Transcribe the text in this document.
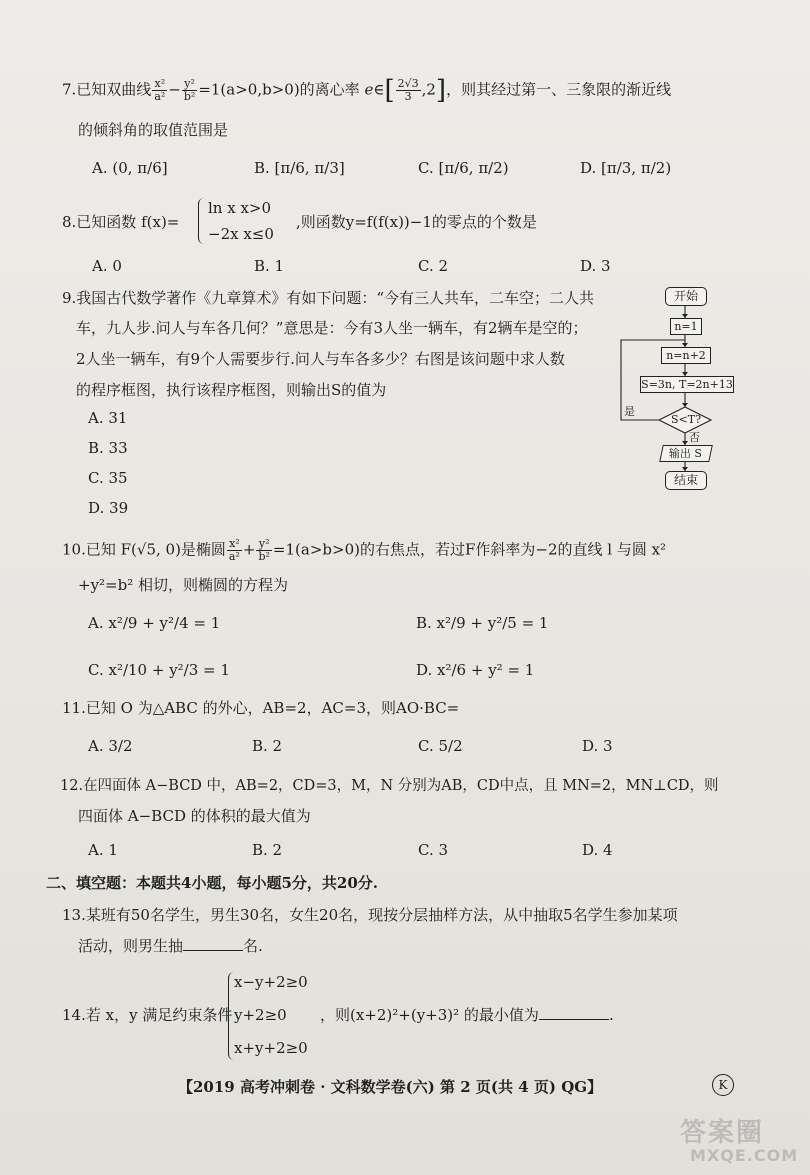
7.已知双曲线 $\frac{\text{x²}}{\text{a²}} - \frac{\text{y²}}{\text{b²}} =1(a>0,b>0)$的离心率 e∈[ $\frac{2√3}{3} ,2$]，则其经过第一、三象限的渐近线
的倾斜角的取值范围是
A. (0, π/6]	B. [π/6, π/3]	C. [π/6, π/2)	D. [π/3, π/2)
8.已知函数 f(x)=
ln x x>0
−2x x≤0
,则函数y=f(f(x))−1的零点的个数是
A. 0	B. 1	C. 2	D. 3
9.我国古代数学著作《九章算术》有如下问题：“今有三人共车，二车空；二人共
车，九人步.问人与车各几何？”意思是：今有3人坐一辆车，有2辆车是空的；
2人坐一辆车，有9个人需要步行.问人与车各多少？右图是该问题中求人数
的程序框图，执行该程序框图，则输出S的值为
A. 31
B. 33
C. 35
D. 39
开始
n=1
n=n+2
S=3n, T=2n+13
S<T?
是
否
输出 S
结束
10.已知 F(√5, 0)是椭圆 $\frac{\text{x²}}{\text{a²}} + \frac{\text{y²}}{\text{b²}} =1(a>b>0)$的右焦点，若过F作斜率为−2的直线 l 与圆 x²
+y²=b² 相切，则椭圆的方程为
A. x²/9 + y²/4 = 1	B. x²/9 + y²/5 = 1
C. x²/10 + y²/3 = 1	D. x²/6 + y² = 1
11.已知 O 为△ABC 的外心，AB=2，AC=3，则AO·BC=
A. 3/2	B. 2	C. 5/2	D. 3
12.在四面体 A−BCD 中，AB=2，CD=3，M，N 分别为AB，CD中点，且 MN=2，MN⊥CD，则
四面体 A−BCD 的体积的最大值为
A. 1	B. 2	C. 3	D. 4
二、填空题：本题共4小题，每小题5分，共20分.
13.某班有50名学生，男生30名，女生20名，现按分层抽样方法，从中抽取5名学生参加某项
活动，则男生抽	名.
14.若 x，y 满足约束条件
x−y+2≥0
y+2≥0
x+y+2≥0
，则(x+2)²+(y+3)² 的最小值为	.
【2019 高考冲刺卷 · 文科数学卷(六) 第 2 页(共 4 页) QG】	K
答案圈
MXQE.COM
